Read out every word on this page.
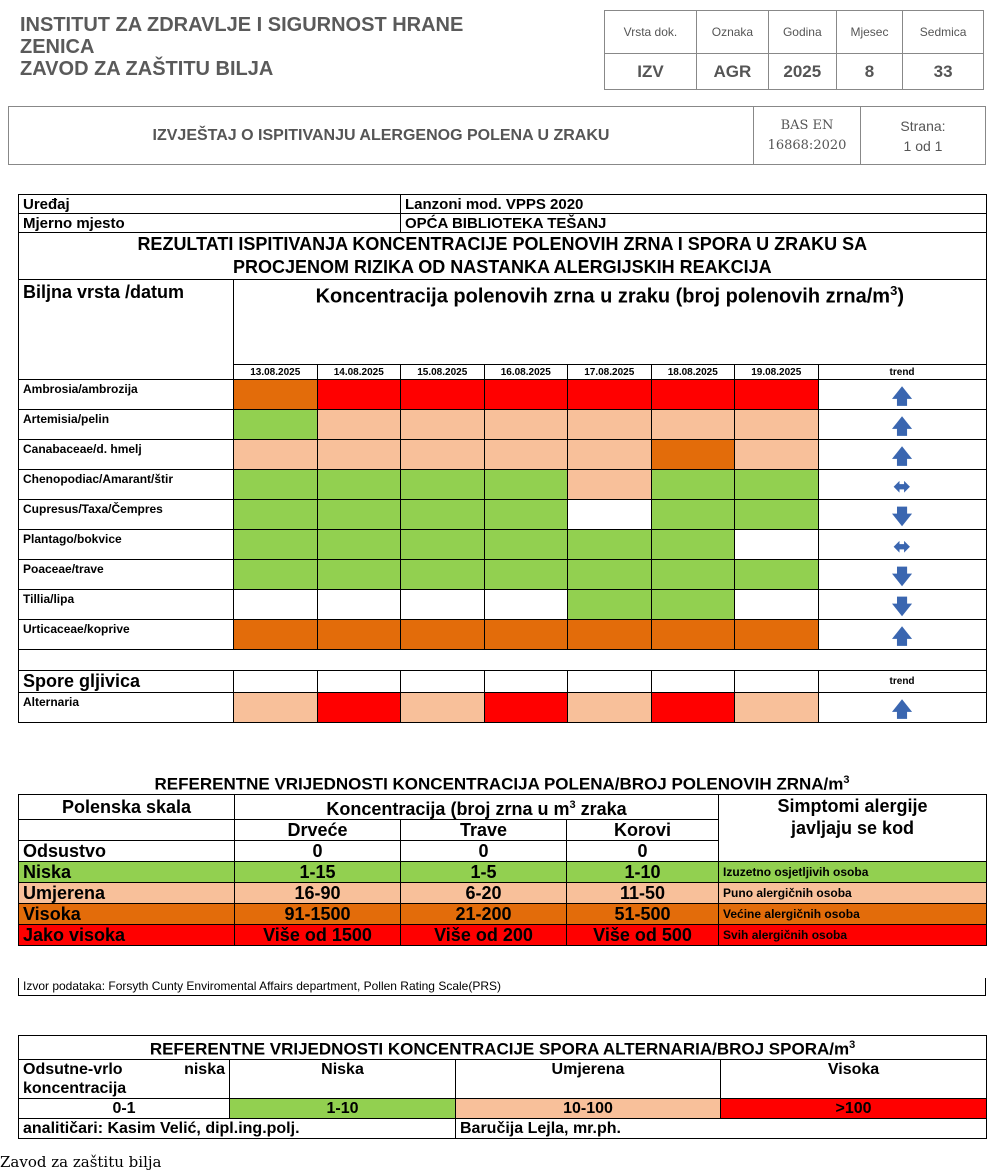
INSTITUT ZA ZDRAVLJE I SIGURNOST HRANE
ZENICA
ZAVOD ZA ZAŠTITU BILJA
Vrsta dok.	Oznaka	Godina	Mjesec	Sedmica
IZV	AGR	2025	8	33
IZVJEŠTAJ O ISPITIVANJU ALERGENOG POLENA U ZRAKU	
BAS EN
16868:2020

Strana:
1 od 1
Uređaj			Lanzoni mod. VPPS 2020					
Mjerno mjesto			OPĆA BIBLIOTEKA TEŠANJ					

REZULTATI ISPITIVANJA KONCENTRACIJE POLENOVIH ZRNA I SPORA U ZRAKU SA
PROCJENOM RIZIKA OD NASTANKA ALERGIJSKIH REAKCIJA								

Biljna vrsta /datum	Koncentracija polenovih zrna u zraku (broj polenovih zrna/$m^3$)							
	13.08.2025	14.08.2025	15.08.2025	16.08.2025	17.08.2025	18.08.2025	19.08.2025	trend
Ambrosia/ambrozija								🡅
Artemisia/pelin								🡅
Canabaceae/d. hmelj								🡅
Chenopodiac/Amarant/štir								⬌
Cupresus/Taxa/Čempres								🡇
Plantago/bokvice								⬌
Poaceae/trave								🡇
Tillia/lipa								🡇
Urticaceae/koprive								🡅

Spore gljivica								trend
Alternaria								🡅
REFERENTNE VRIJEDNOSTI KONCENTRACIJA POLENA/BROJ POLENOVIH ZRNA/$m^3$
Polenska skala	Koncentracija (broj zrna u $m^3$ zraka			Simptomi alergije
javljaju se kod

	Drveće	Trave	Korovi	
Odsustvo	0	0	0	
Niska	1-15	1-5	1-10	Izuzetno osjetljivih osoba
Umjerena	16-90	6-20	11-50	Puno alergičnih osoba
Visoka	91-1500	21-200	51-500	Većine alergičnih osoba
Jako visoka	Više od 1500	Više od 200	Više od 500	Svih alergičnih osoba
Izvor podataka: Forsyth Cunty Enviromental Affairs department, Pollen Rating Scale(PRS)
REFERENTNE VRIJEDNOSTI KONCENTRACIJE SPORA ALTERNARIA/BROJ SPORA/$m^3$
Odsutne-vrlo niska koncentracija	Niska	Umjerena	Visoka
0-1	1-10	10-100	>100
analitičari: Kasim Velić, dipl.ing.polj.		Baručija Lejla, mr.ph.	
Zavod za zaštitu bilja
